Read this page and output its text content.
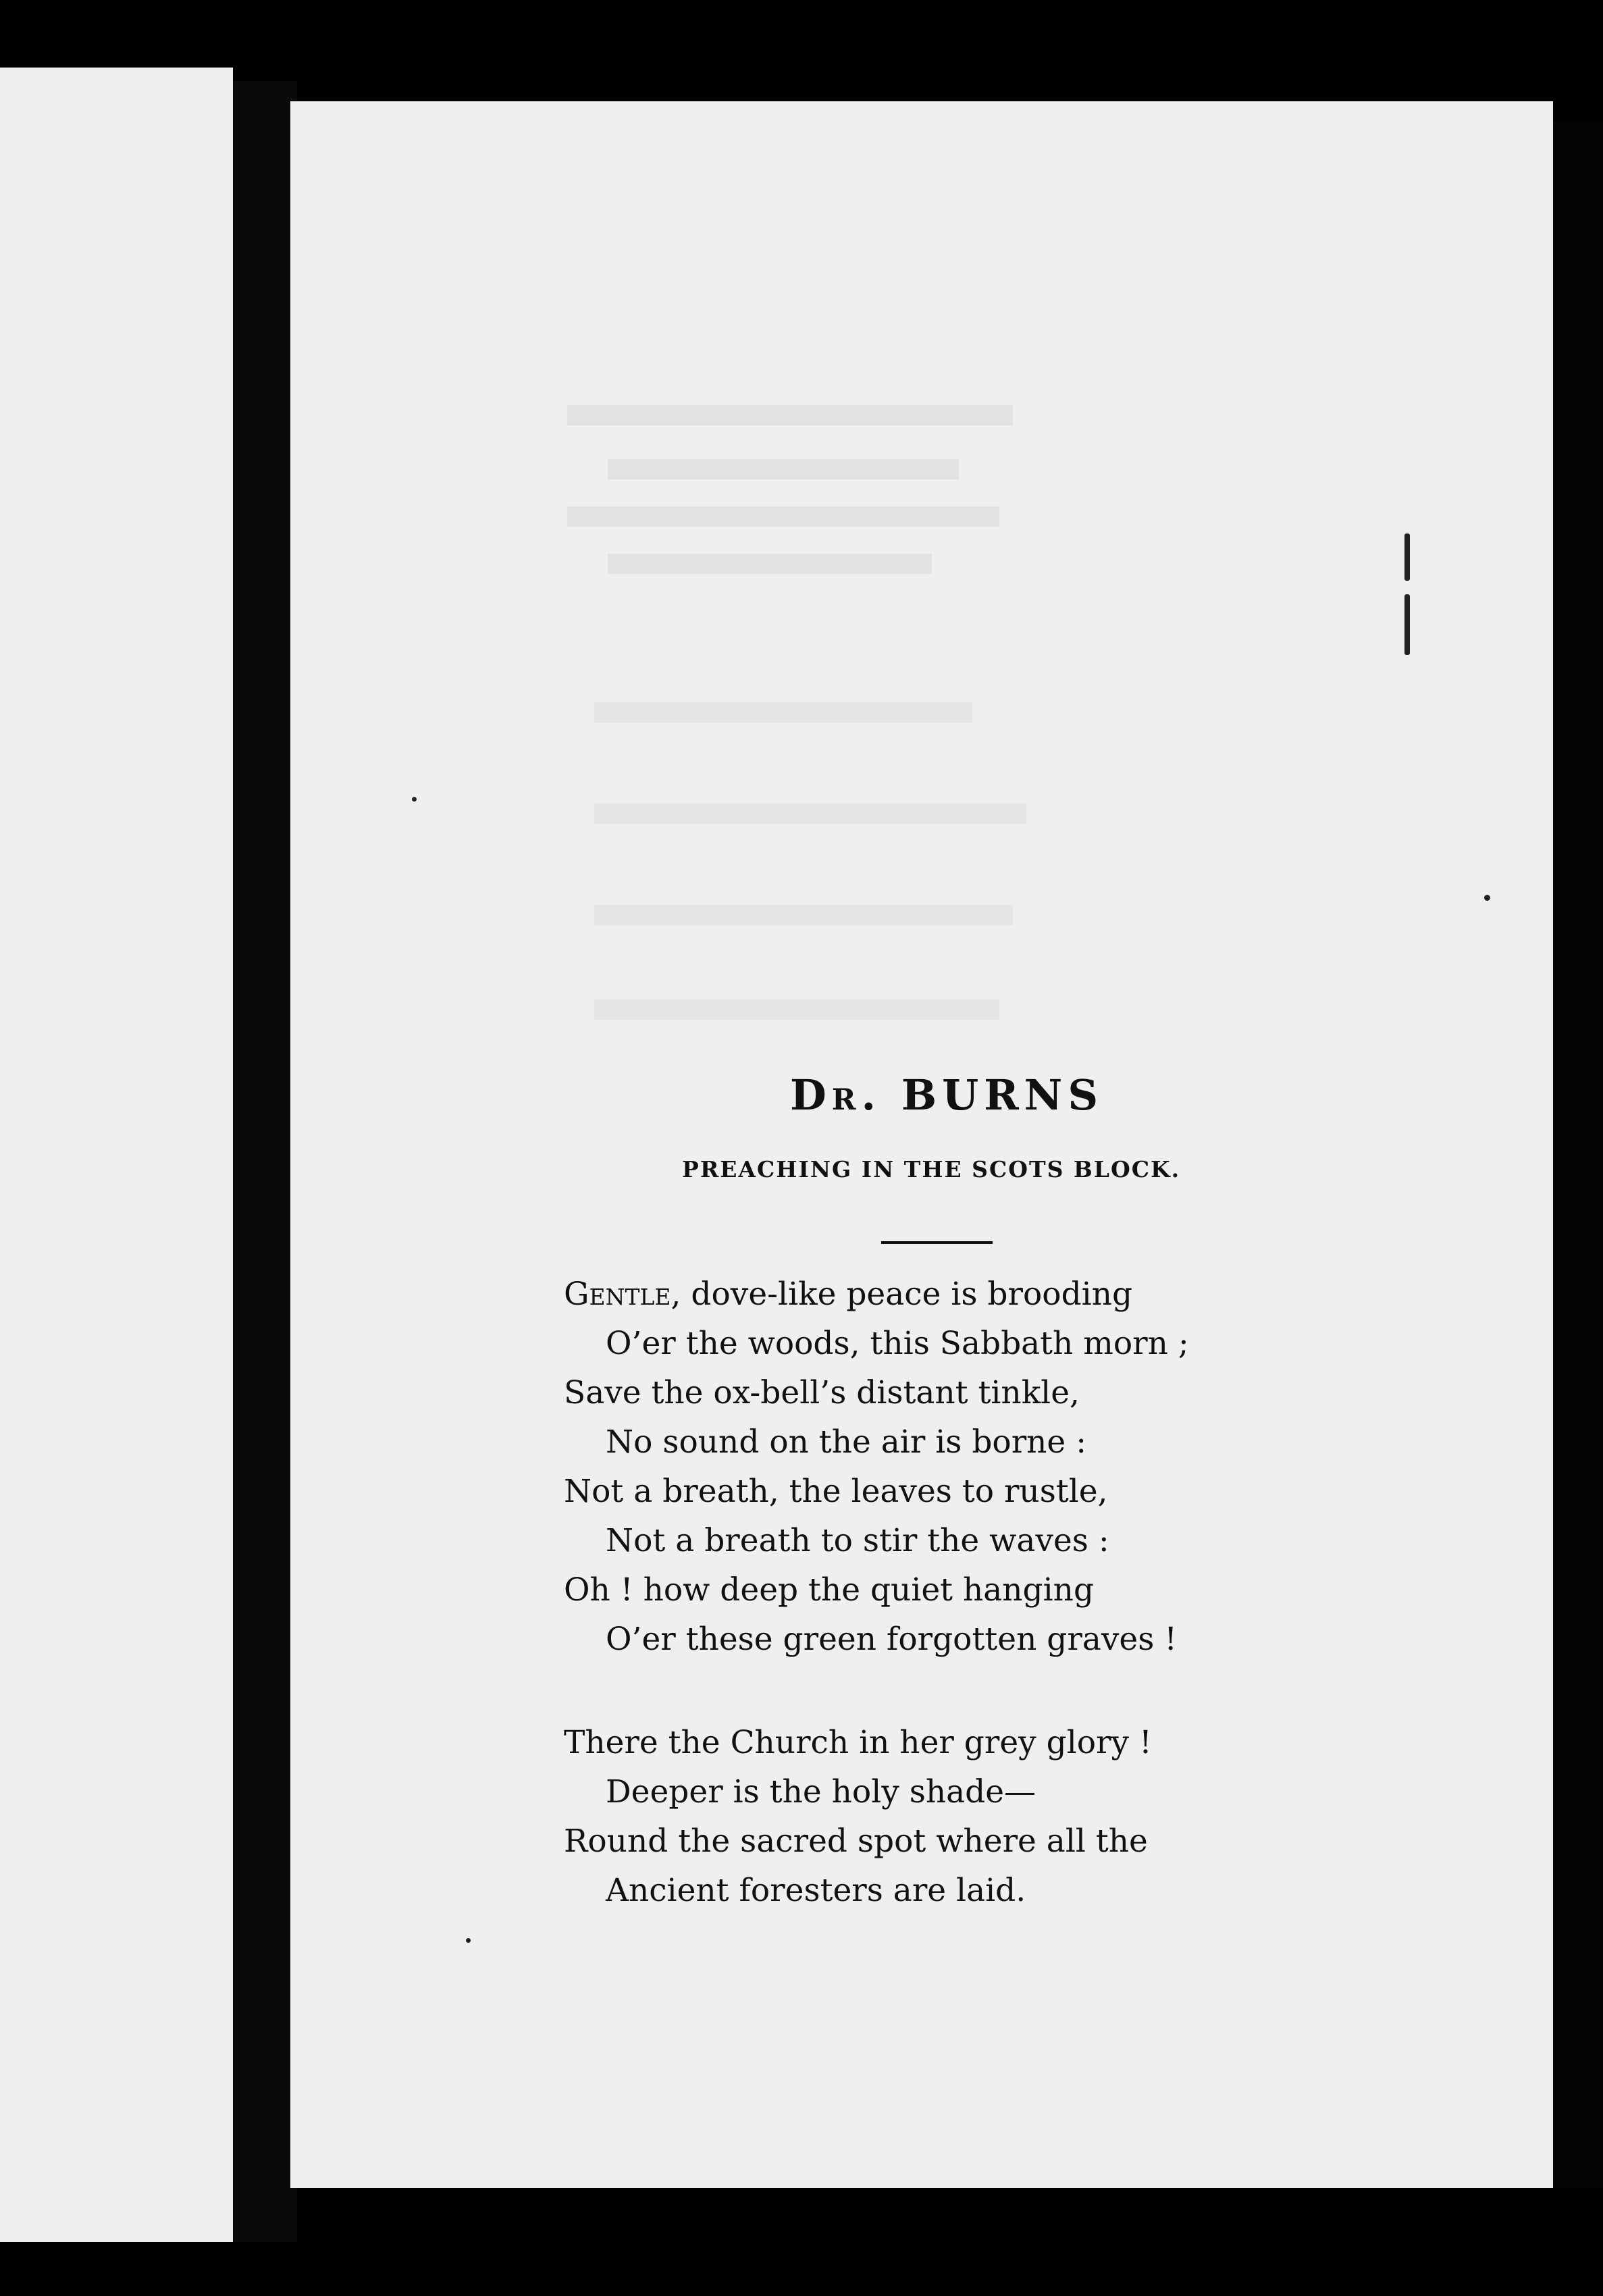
Dr. BURNS
PREACHING IN THE SCOTS BLOCK.
Gentle, dove-like peace is brooding
O’er the woods, this Sabbath morn ;
Save the ox-bell’s distant tinkle,
No sound on the air is borne :
Not a breath, the leaves to rustle,
Not a breath to stir the waves :
Oh ! how deep the quiet hanging
O’er these green forgotten graves !
There the Church in her grey glory !
Deeper is the holy shade—
Round the sacred spot where all the
Ancient foresters are laid.
